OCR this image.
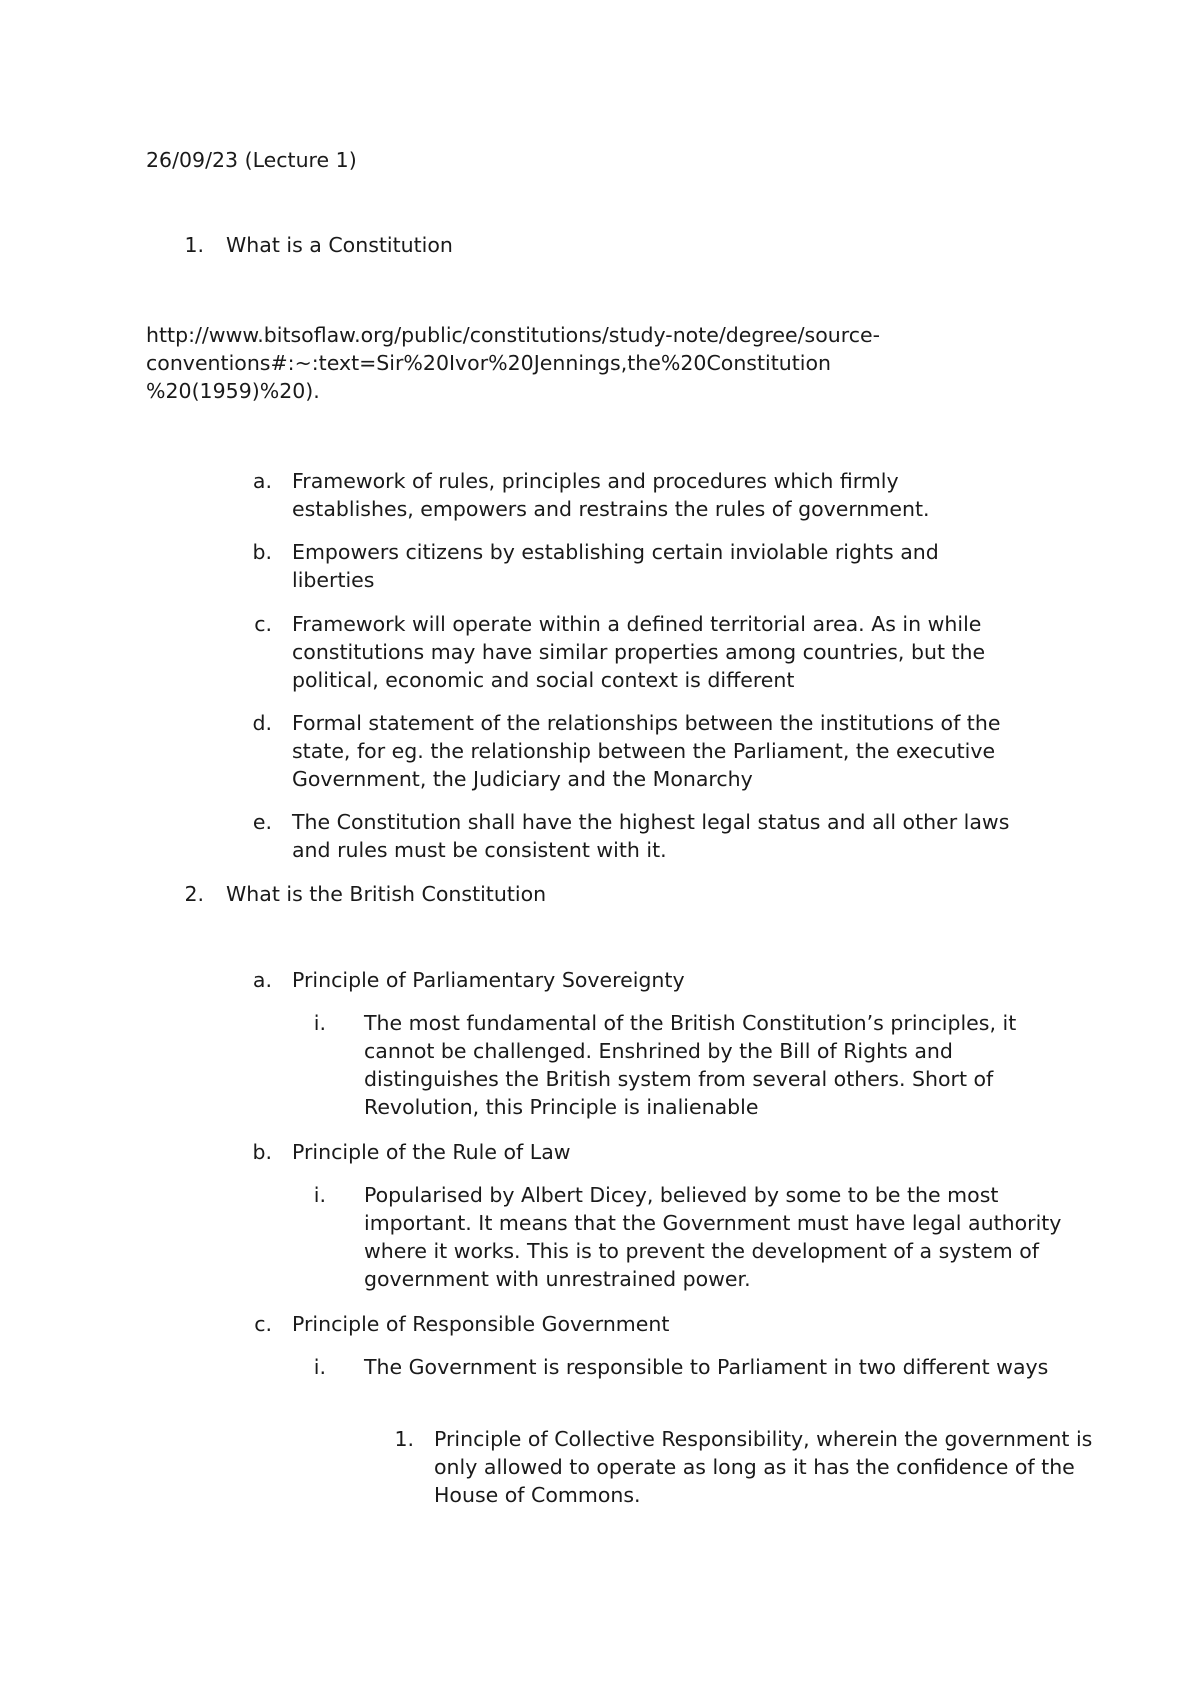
26/09/23 (Lecture 1)
1. What is a Constitution
http://www.bitsoflaw.org/public/constitutions/study-note/degree/source-
conventions#:~:text=Sir%20Ivor%20Jennings,the%20Constitution
%20(1959)%20).
a. Framework of rules, principles and procedures which firmly establishes, empowers and restrains the rules of government.
b. Empowers citizens by establishing certain inviolable rights and liberties
c. Framework will operate within a defined territorial area. As in while constitutions may have similar properties among countries, but the political, economic and social context is different
d. Formal statement of the relationships between the institutions of the state, for eg. the relationship between the Parliament, the executive Government, the Judiciary and the Monarchy
e. The Constitution shall have the highest legal status and all other laws and rules must be consistent with it.
2. What is the British Constitution
a. Principle of Parliamentary Sovereignty
i. The most fundamental of the British Constitution’s principles, it cannot be challenged. Enshrined by the Bill of Rights and distinguishes the British system from several others. Short of Revolution, this Principle is inalienable
b. Principle of the Rule of Law
i. Popularised by Albert Dicey, believed by some to be the most important. It means that the Government must have legal authority where it works. This is to prevent the development of a system of government with unrestrained power.
c. Principle of Responsible Government
i. The Government is responsible to Parliament in two different ways
1. Principle of Collective Responsibility, wherein the government is only allowed to operate as long as it has the confidence of the House of Commons.
